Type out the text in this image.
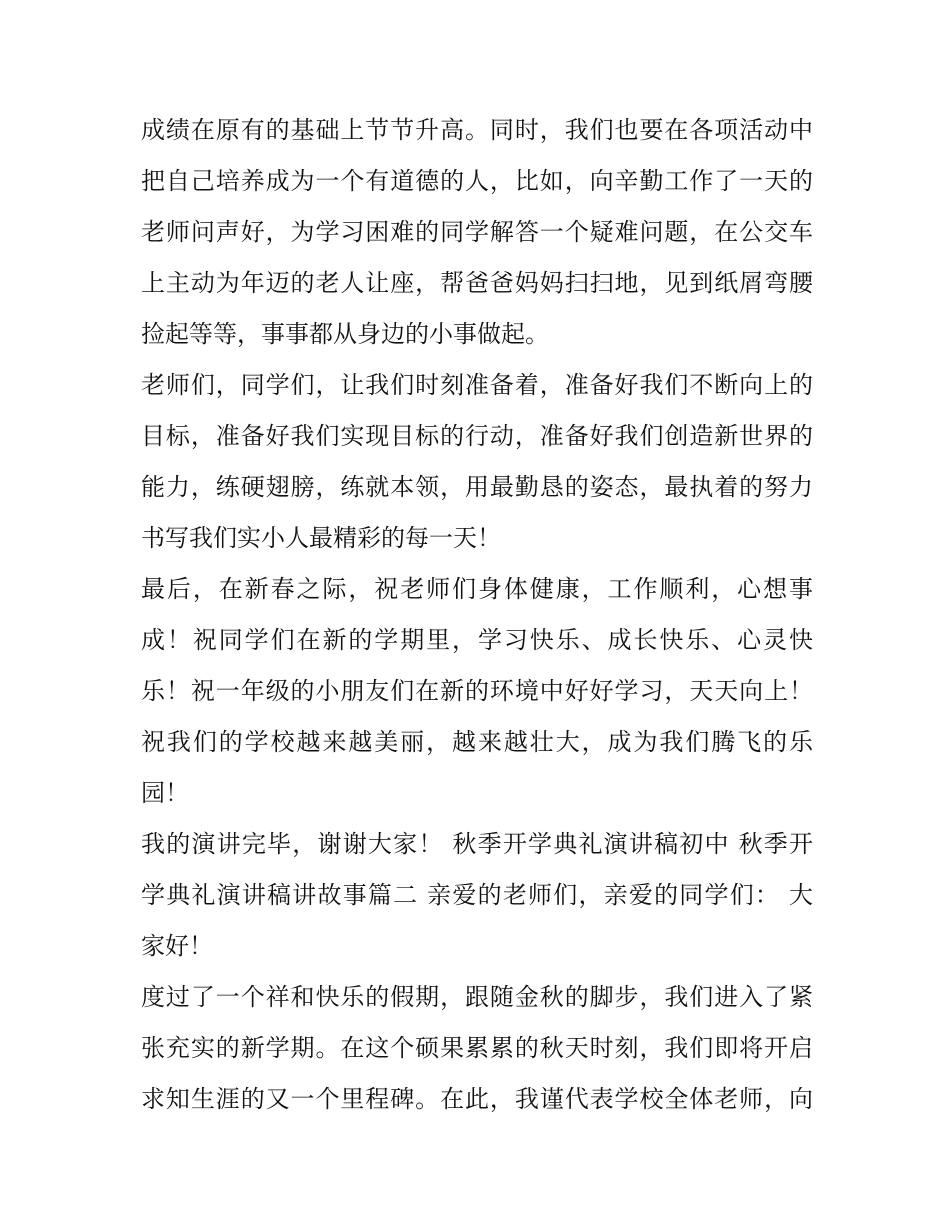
成绩在原有的基础上节节升高。同时，我们也要在各项活动中
把自己培养成为一个有道德的人，比如，向辛勤工作了一天的
老师问声好，为学习困难的同学解答一个疑难问题，在公交车
上主动为年迈的老人让座，帮爸爸妈妈扫扫地，见到纸屑弯腰
捡起等等，事事都从身边的小事做起。
老师们，同学们，让我们时刻准备着，准备好我们不断向上的
目标，准备好我们实现目标的行动，准备好我们创造新世界的
能力，练硬翅膀，练就本领，用最勤恳的姿态，最执着的努力
书写我们实小人最精彩的每一天！
最后，在新春之际，祝老师们身体健康，工作顺利，心想事
成！祝同学们在新的学期里，学习快乐、成长快乐、心灵快
乐！祝一年级的小朋友们在新的环境中好好学习，天天向上！
祝我们的学校越来越美丽，越来越壮大，成为我们腾飞的乐
园！
我的演讲完毕，谢谢大家！ 秋季开学典礼演讲稿初中 秋季开
学典礼演讲稿讲故事篇二 亲爱的老师们，亲爱的同学们： 大
家好！
度过了一个祥和快乐的假期，跟随金秋的脚步，我们进入了紧
张充实的新学期。在这个硕果累累的秋天时刻，我们即将开启
求知生涯的又一个里程碑。在此，我谨代表学校全体老师，向
